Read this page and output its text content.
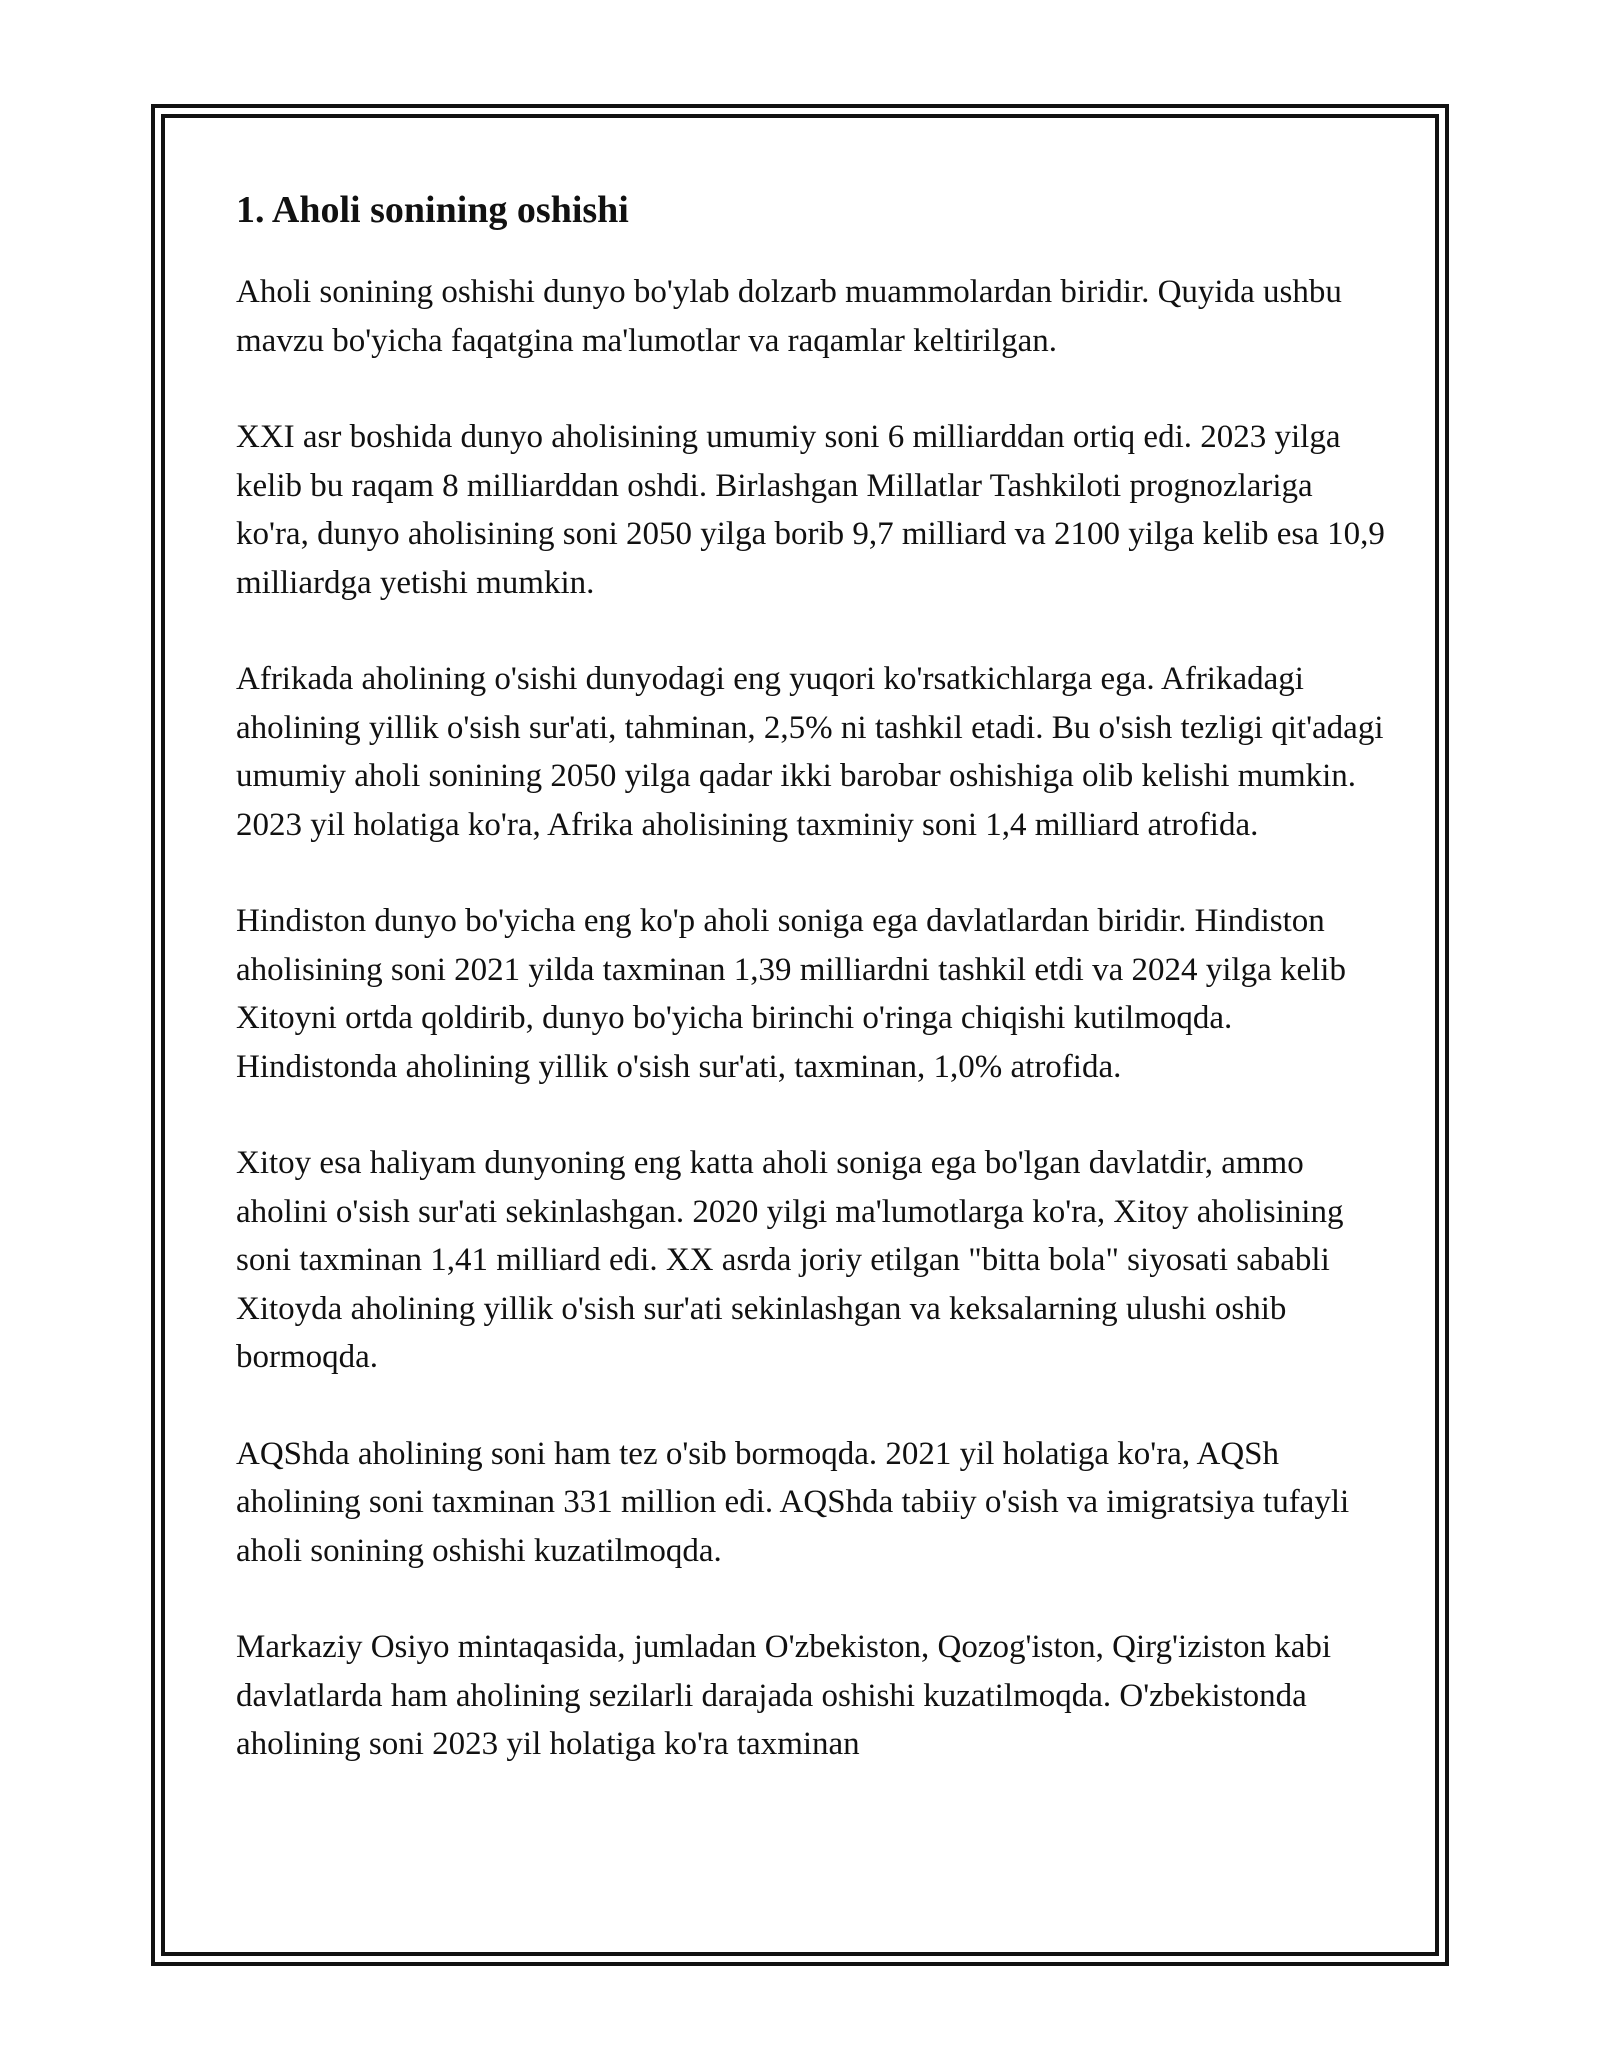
1. Aholi sonining oshishi

Aholi sonining oshishi dunyo bo'ylab dolzarb muammolardan biridir. Quyida ushbu mavzu bo'yicha faqatgina ma'lumotlar va raqamlar keltirilgan.

XXI asr boshida dunyo aholisining umumiy soni 6 milliarddan ortiq edi. 2023 yilga kelib bu raqam 8 milliarddan oshdi. Birlashgan Millatlar Tashkiloti prognozlariga ko'ra, dunyo aholisining soni 2050 yilga borib 9,7 milliard va 2100 yilga kelib esa 10,9 milliardga yetishi mumkin.

Afrikada aholining o'sishi dunyodagi eng yuqori ko'rsatkichlarga ega. Afrikadagi aholining yillik o'sish sur'ati, tahminan, 2,5% ni tashkil etadi. Bu o'sish tezligi qit'adagi umumiy aholi sonining 2050 yilga qadar ikki barobar oshishiga olib kelishi mumkin. 2023 yil holatiga ko'ra, Afrika aholisining taxminiy soni 1,4 milliard atrofida.

Hindiston dunyo bo'yicha eng ko'p aholi soniga ega davlatlardan biridir. Hindiston aholisining soni 2021 yilda taxminan 1,39 milliardni tashkil etdi va 2024 yilga kelib Xitoyni ortda qoldirib, dunyo bo'yicha birinchi o'ringa chiqishi kutilmoqda. Hindistonda aholining yillik o'sish sur'ati, taxminan, 1,0% atrofida.

Xitoy esa haliyam dunyoning eng katta aholi soniga ega bo'lgan davlatdir, ammo aholini o'sish sur'ati sekinlashgan. 2020 yilgi ma'lumotlarga ko'ra, Xitoy aholisining soni taxminan 1,41 milliard edi. XX asrda joriy etilgan "bitta bola" siyosati sababli Xitoyda aholining yillik o'sish sur'ati sekinlashgan va keksalarning ulushi oshib bormoqda.

AQShda aholining soni ham tez o'sib bormoqda. 2021 yil holatiga ko'ra, AQSh aholining soni taxminan 331 million edi. AQShda tabiiy o'sish va imigratsiya tufayli aholi sonining oshishi kuzatilmoqda.

Markaziy Osiyo mintaqasida, jumladan O'zbekiston, Qozog'iston, Qirg'iziston kabi davlatlarda ham aholining sezilarli darajada oshishi kuzatilmoqda. O'zbekistonda aholining soni 2023 yil holatiga ko'ra taxminan
